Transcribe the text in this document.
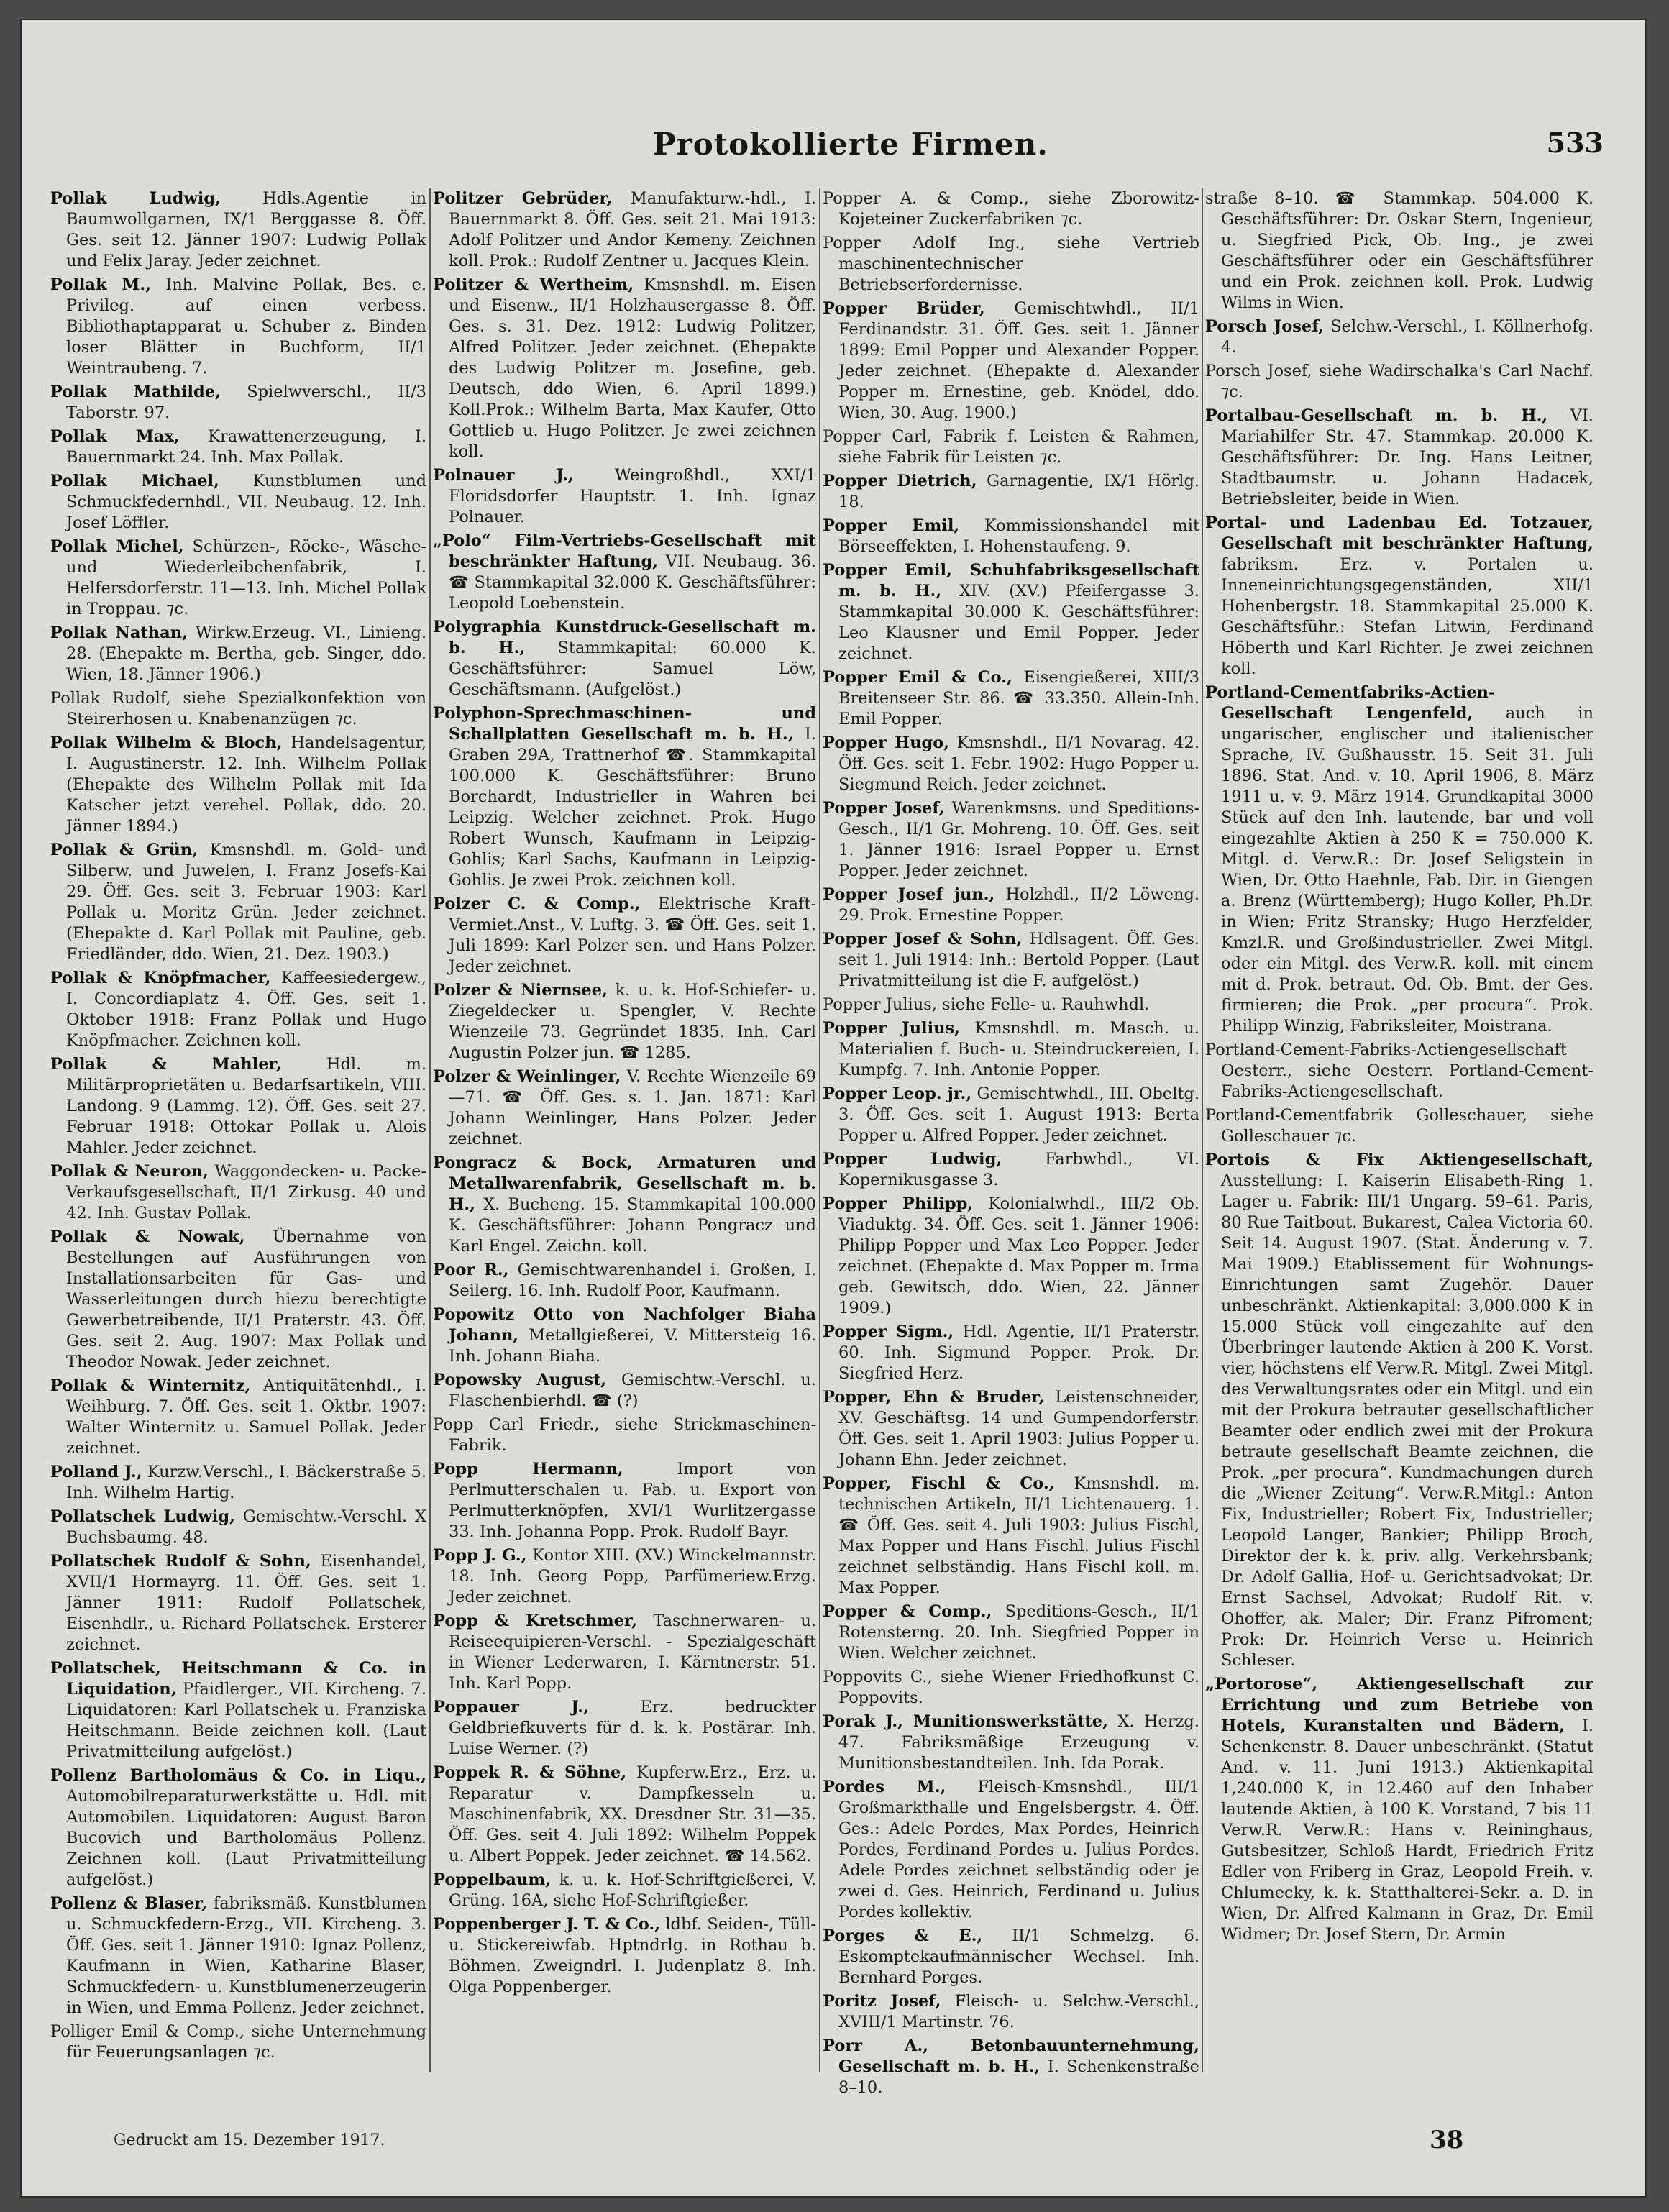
Protokollierte Firmen.	533

Pollak Ludwig, Hdls.Agentie in Baumwollgarnen, IX/1 Berggasse 8. Öff. Ges. seit 12. Jänner 1907: Ludwig Pollak und Felix Jaray. Jeder zeichnet.

Pollak M., Inh. Malvine Pollak, Bes. e. Privileg. auf einen verbess. Bibliothaptapparat u. Schuber z. Binden loser Blätter in Buchform, II/1 Weintraubeng. 7.

Pollak Mathilde, Spielwverschl., II/3 Taborstr. 97.

Pollak Max, Krawattenerzeugung, I. Bauernmarkt 24. Inh. Max Pollak.

Pollak Michael, Kunstblumen und Schmuckfedernhdl., VII. Neubaug. 12. Inh. Josef Löffler.

Pollak Michel, Schürzen-, Röcke-, Wäsche- und Wiederleibchenfabrik, I. Helfersdorferstr. 11—13. Inh. Michel Pollak in Troppau. ⁊c.

Pollak Nathan, Wirkw.Erzeug. VI., Linieng. 28. (Ehepakte m. Bertha, geb. Singer, ddo. Wien, 18. Jänner 1906.)

Pollak Rudolf, siehe Spezialkonfektion von Steirerhosen u. Knabenanzügen ⁊c.

Pollak Wilhelm & Bloch, Handelsagentur, I. Augustinerstr. 12. Inh. Wilhelm Pollak (Ehepakte des Wilhelm Pollak mit Ida Katscher jetzt verehel. Pollak, ddo. 20. Jänner 1894.)

Pollak & Grün, Kmsnshdl. m. Gold- und Silberw. und Juwelen, I. Franz Josefs-Kai 29. Öff. Ges. seit 3. Februar 1903: Karl Pollak u. Moritz Grün. Jeder zeichnet. (Ehepakte d. Karl Pollak mit Pauline, geb. Friedländer, ddo. Wien, 21. Dez. 1903.)

Pollak & Knöpfmacher, Kaffeesiedergew., I. Concordiaplatz 4. Öff. Ges. seit 1. Oktober 1918: Franz Pollak und Hugo Knöpfmacher. Zeichnen koll.

Pollak & Mahler, Hdl. m. Militärproprietäten u. Bedarfsartikeln, VIII. Landong. 9 (Lammg. 12). Öff. Ges. seit 27. Februar 1918: Ottokar Pollak u. Alois Mahler. Jeder zeichnet.

Pollak & Neuron, Waggondecken- u. Packe-Verkaufsgesellschaft, II/1 Zirkusg. 40 und 42. Inh. Gustav Pollak.

Pollak & Nowak, Übernahme von Bestellungen auf Ausführungen von Installationsarbeiten für Gas- und Wasserleitungen durch hiezu berechtigte Gewerbetreibende, II/1 Praterstr. 43. Öff. Ges. seit 2. Aug. 1907: Max Pollak und Theodor Nowak. Jeder zeichnet.

Pollak & Winternitz, Antiquitätenhdl., I. Weihburg. 7. Öff. Ges. seit 1. Oktbr. 1907: Walter Winternitz u. Samuel Pollak. Jeder zeichnet.

Polland J., Kurzw.Verschl., I. Bäckerstraße 5. Inh. Wilhelm Hartig.

Pollatschek Ludwig, Gemischtw.-Verschl. X Buchsbaumg. 48.

Pollatschek Rudolf & Sohn, Eisenhandel, XVII/1 Hormayrg. 11. Öff. Ges. seit 1. Jänner 1911: Rudolf Pollatschek, Eisenhdlr., u. Richard Pollatschek. Ersterer zeichnet.

Pollatschek, Heitschmann & Co. in Liquidation, Pfaidlerger., VII. Kircheng. 7. Liquidatoren: Karl Pollatschek u. Franziska Heitschmann. Beide zeichnen koll. (Laut Privatmitteilung aufgelöst.)

Pollenz Bartholomäus & Co. in Liqu., Automobilreparaturwerkstätte u. Hdl. mit Automobilen. Liquidatoren: August Baron Bucovich und Bartholomäus Pollenz. Zeichnen koll. (Laut Privatmitteilung aufgelöst.)

Pollenz & Blaser, fabriksmäß. Kunstblumen u. Schmuckfedern-Erzg., VII. Kircheng. 3. Öff. Ges. seit 1. Jänner 1910: Ignaz Pollenz, Kaufmann in Wien, Katharine Blaser, Schmuckfedern- u. Kunstblumenerzeugerin in Wien, und Emma Pollenz. Jeder zeichnet.

Polliger Emil & Comp., siehe Unternehmung für Feuerungsanlagen ⁊c.

Politzer Gebrüder, Manufakturw.-hdl., I. Bauernmarkt 8. Öff. Ges. seit 21. Mai 1913: Adolf Politzer und Andor Kemeny. Zeichnen koll. Prok.: Rudolf Zentner u. Jacques Klein.

Politzer & Wertheim, Kmsnshdl. m. Eisen und Eisenw., II/1 Holzhausergasse 8. Öff. Ges. s. 31. Dez. 1912: Ludwig Politzer, Alfred Politzer. Jeder zeichnet. (Ehepakte des Ludwig Politzer m. Josefine, geb. Deutsch, ddo Wien, 6. April 1899.) Koll.Prok.: Wilhelm Barta, Max Kaufer, Otto Gottlieb u. Hugo Politzer. Je zwei zeichnen koll.

Polnauer J., Weingroßhdl., XXI/1 Floridsdorfer Hauptstr. 1. Inh. Ignaz Polnauer.

„Polo“ Film-Vertriebs-Gesellschaft mit beschränkter Haftung, VII. Neubaug. 36. ☎ Stammkapital 32.000 K. Geschäftsführer: Leopold Loebenstein.

Polygraphia Kunstdruck-Gesellschaft m. b. H., Stammkapital: 60.000 K. Geschäftsführer: Samuel Löw, Geschäftsmann. (Aufgelöst.)

Polyphon-Sprechmaschinen- und Schallplatten Gesellschaft m. b. H., I. Graben 29A, Trattnerhof ☎. Stammkapital 100.000 K. Geschäftsführer: Bruno Borchardt, Industrieller in Wahren bei Leipzig. Welcher zeichnet. Prok. Hugo Robert Wunsch, Kaufmann in Leipzig-Gohlis; Karl Sachs, Kaufmann in Leipzig-Gohlis. Je zwei Prok. zeichnen koll.

Polzer C. & Comp., Elektrische Kraft-Vermiet.Anst., V. Luftg. 3. ☎ Öff. Ges. seit 1. Juli 1899: Karl Polzer sen. und Hans Polzer. Jeder zeichnet.

Polzer & Niernsee, k. u. k. Hof-Schiefer- u. Ziegeldecker u. Spengler, V. Rechte Wienzeile 73. Gegründet 1835. Inh. Carl Augustin Polzer jun. ☎ 1285.

Polzer & Weinlinger, V. Rechte Wienzeile 69—71. ☎ Öff. Ges. s. 1. Jan. 1871: Karl Johann Weinlinger, Hans Polzer. Jeder zeichnet.

Pongracz & Bock, Armaturen und Metallwarenfabrik, Gesellschaft m. b. H., X. Bucheng. 15. Stammkapital 100.000 K. Geschäftsführer: Johann Pongracz und Karl Engel. Zeichn. koll.

Poor R., Gemischtwarenhandel i. Großen, I. Seilerg. 16. Inh. Rudolf Poor, Kaufmann.

Popowitz Otto von Nachfolger Biaha Johann, Metallgießerei, V. Mittersteig 16. Inh. Johann Biaha.

Popowsky August, Gemischtw.-Verschl. u. Flaschenbierhdl. ☎ (?)

Popp Carl Friedr., siehe Strickmaschinen-Fabrik.

Popp Hermann, Import von Perlmutterschalen u. Fab. u. Export von Perlmutterknöpfen, XVI/1 Wurlitzergasse 33. Inh. Johanna Popp. Prok. Rudolf Bayr.

Popp J. G., Kontor XIII. (XV.) Winckelmannstr. 18. Inh. Georg Popp, Parfümeriew.Erzg. Jeder zeichnet.

Popp & Kretschmer, Taschnerwaren- u. Reiseequipieren-Verschl. - Spezialgeschäft in Wiener Lederwaren, I. Kärntnerstr. 51. Inh. Karl Popp.

Poppauer J., Erz. bedruckter Geldbriefkuverts für d. k. k. Postärar. Inh. Luise Werner. (?)

Poppek R. & Söhne, Kupferw.Erz., Erz. u. Reparatur v. Dampfkesseln u. Maschinenfabrik, XX. Dresdner Str. 31—35. Öff. Ges. seit 4. Juli 1892: Wilhelm Poppek u. Albert Poppek. Jeder zeichnet. ☎ 14.562.

Poppelbaum, k. u. k. Hof-Schriftgießerei, V. Grüng. 16A, siehe Hof-Schriftgießer.

Poppenberger J. T. & Co., ldbf. Seiden-, Tüll- u. Stickereiwfab. Hptndrlg. in Rothau b. Böhmen. Zweigndrl. I. Judenplatz 8. Inh. Olga Poppenberger.

Popper A. & Comp., siehe Zborowitz-Kojeteiner Zuckerfabriken ⁊c.

Popper Adolf Ing., siehe Vertrieb maschinentechnischer Betriebserfordernisse.

Popper Brüder, Gemischtwhdl., II/1 Ferdinandstr. 31. Öff. Ges. seit 1. Jänner 1899: Emil Popper und Alexander Popper. Jeder zeichnet. (Ehepakte d. Alexander Popper m. Ernestine, geb. Knödel, ddo. Wien, 30. Aug. 1900.)

Popper Carl, Fabrik f. Leisten & Rahmen, siehe Fabrik für Leisten ⁊c.

Popper Dietrich, Garnagentie, IX/1 Hörlg. 18.

Popper Emil, Kommissionshandel mit Börseeffekten, I. Hohenstaufeng. 9.

Popper Emil, Schuhfabriksgesellschaft m. b. H., XIV. (XV.) Pfeifergasse 3. Stammkapital 30.000 K. Geschäftsführer: Leo Klausner und Emil Popper. Jeder zeichnet.

Popper Emil & Co., Eisengießerei, XIII/3 Breitenseer Str. 86. ☎ 33.350. Allein-Inh. Emil Popper.

Popper Hugo, Kmsnshdl., II/1 Novarag. 42. Öff. Ges. seit 1. Febr. 1902: Hugo Popper u. Siegmund Reich. Jeder zeichnet.

Popper Josef, Warenkmsns. und Speditions-Gesch., II/1 Gr. Mohreng. 10. Öff. Ges. seit 1. Jänner 1916: Israel Popper u. Ernst Popper. Jeder zeichnet.

Popper Josef jun., Holzhdl., II/2 Löweng. 29. Prok. Ernestine Popper.

Popper Josef & Sohn, Hdlsagent. Öff. Ges. seit 1. Juli 1914: Inh.: Bertold Popper. (Laut Privatmitteilung ist die F. aufgelöst.)

Popper Julius, siehe Felle- u. Rauhwhdl.

Popper Julius, Kmsnshdl. m. Masch. u. Materialien f. Buch- u. Steindruckereien, I. Kumpfg. 7. Inh. Antonie Popper.

Popper Leop. jr., Gemischtwhdl., III. Obeltg. 3. Öff. Ges. seit 1. August 1913: Berta Popper u. Alfred Popper. Jeder zeichnet.

Popper Ludwig, Farbwhdl., VI. Kopernikusgasse 3.

Popper Philipp, Kolonialwhdl., III/2 Ob. Viaduktg. 34. Öff. Ges. seit 1. Jänner 1906: Philipp Popper und Max Leo Popper. Jeder zeichnet. (Ehepakte d. Max Popper m. Irma geb. Gewitsch, ddo. Wien, 22. Jänner 1909.)

Popper Sigm., Hdl. Agentie, II/1 Praterstr. 60. Inh. Sigmund Popper. Prok. Dr. Siegfried Herz.

Popper, Ehn & Bruder, Leistenschneider, XV. Geschäftsg. 14 und Gumpendorferstr. Öff. Ges. seit 1. April 1903: Julius Popper u. Johann Ehn. Jeder zeichnet.

Popper, Fischl & Co., Kmsnshdl. m. technischen Artikeln, II/1 Lichtenauerg. 1. ☎ Öff. Ges. seit 4. Juli 1903: Julius Fischl, Max Popper und Hans Fischl. Julius Fischl zeichnet selbständig. Hans Fischl koll. m. Max Popper.

Popper & Comp., Speditions-Gesch., II/1 Rotensterng. 20. Inh. Siegfried Popper in Wien. Welcher zeichnet.

Poppovits C., siehe Wiener Friedhofkunst C. Poppovits.

Porak J., Munitionswerkstätte, X. Herzg. 47. Fabriksmäßige Erzeugung v. Munitionsbestandteilen. Inh. Ida Porak.

Pordes M., Fleisch-Kmsnshdl., III/1 Großmarkthalle und Engelsbergstr. 4. Öff. Ges.: Adele Pordes, Max Pordes, Heinrich Pordes, Ferdinand Pordes u. Julius Pordes. Adele Pordes zeichnet selbständig oder je zwei d. Ges. Heinrich, Ferdinand u. Julius Pordes kollektiv.

Porges & E., II/1 Schmelzg. 6. Eskomptekaufmännischer Wechsel. Inh. Bernhard Porges.

Poritz Josef, Fleisch- u. Selchw.-Verschl., XVIII/1 Martinstr. 76.

Porr A., Betonbauunternehmung, Gesellschaft m. b. H., I. Schenkenstraße 8–10.

straße 8–10. ☎ Stammkap. 504.000 K. Geschäftsführer: Dr. Oskar Stern, Ingenieur, u. Siegfried Pick, Ob. Ing., je zwei Geschäftsführer oder ein Geschäftsführer und ein Prok. zeichnen koll. Prok. Ludwig Wilms in Wien.

Porsch Josef, Selchw.-Verschl., I. Köllnerhofg. 4.

Porsch Josef, siehe Wadirschalka's Carl Nachf. ⁊c.

Portalbau-Gesellschaft m. b. H., VI. Mariahilfer Str. 47. Stammkap. 20.000 K. Geschäftsführer: Dr. Ing. Hans Leitner, Stadtbaumstr. u. Johann Hadacek, Betriebsleiter, beide in Wien.

Portal- und Ladenbau Ed. Totzauer, Gesellschaft mit beschränkter Haftung, fabriksm. Erz. v. Portalen u. Inneneinrichtungsgegenständen, XII/1 Hohenbergstr. 18. Stammkapital 25.000 K. Geschäftsführ.: Stefan Litwin, Ferdinand Höberth und Karl Richter. Je zwei zeichnen koll.

Portland-Cementfabriks-Actien-Gesellschaft Lengenfeld, auch in ungarischer, englischer und italienischer Sprache, IV. Gußhausstr. 15. Seit 31. Juli 1896. Stat. And. v. 10. April 1906, 8. März 1911 u. v. 9. März 1914. Grundkapital 3000 Stück auf den Inh. lautende, bar und voll eingezahlte Aktien à 250 K = 750.000 K. Mitgl. d. Verw.R.: Dr. Josef Seligstein in Wien, Dr. Otto Haehnle, Fab. Dir. in Giengen a. Brenz (Württemberg); Hugo Koller, Ph.Dr. in Wien; Fritz Stransky; Hugo Herzfelder, Kmzl.R. und Großindustrieller. Zwei Mitgl. oder ein Mitgl. des Verw.R. koll. mit einem mit d. Prok. betraut. Od. Ob. Bmt. der Ges. firmieren; die Prok. „per procura“. Prok. Philipp Winzig, Fabriksleiter, Moistrana.

Portland-Cement-Fabriks-Actiengesellschaft Oesterr., siehe Oesterr. Portland-Cement-Fabriks-Actiengesellschaft.

Portland-Cementfabrik Golleschauer, siehe Golleschauer ⁊c.

Portois & Fix Aktiengesellschaft, Ausstellung: I. Kaiserin Elisabeth-Ring 1. Lager u. Fabrik: III/1 Ungarg. 59–61. Paris, 80 Rue Taitbout. Bukarest, Calea Victoria 60. Seit 14. August 1907. (Stat. Änderung v. 7. Mai 1909.) Etablissement für Wohnungs-Einrichtungen samt Zugehör. Dauer unbeschränkt. Aktienkapital: 3,000.000 K in 15.000 Stück voll eingezahlte auf den Überbringer lautende Aktien à 200 K. Vorst. vier, höchstens elf Verw.R. Mitgl. Zwei Mitgl. des Verwaltungsrates oder ein Mitgl. und ein mit der Prokura betrauter gesellschaftlicher Beamter oder endlich zwei mit der Prokura betraute gesellschaft Beamte zeichnen, die Prok. „per procura“. Kundmachungen durch die „Wiener Zeitung“. Verw.R.Mitgl.: Anton Fix, Industrieller; Robert Fix, Industrieller; Leopold Langer, Bankier; Philipp Broch, Direktor der k. k. priv. allg. Verkehrsbank; Dr. Adolf Gallia, Hof- u. Gerichtsadvokat; Dr. Ernst Sachsel, Advokat; Rudolf Rit. v. Ohoffer, ak. Maler; Dir. Franz Pifroment; Prok: Dr. Heinrich Verse u. Heinrich Schleser.

„Portorose“, Aktiengesellschaft zur Errichtung und zum Betriebe von Hotels, Kuranstalten und Bädern, I. Schenkenstr. 8. Dauer unbeschränkt. (Statut And. v. 11. Juni 1913.) Aktienkapital 1,240.000 K, in 12.460 auf den Inhaber lautende Aktien, à 100 K. Vorstand, 7 bis 11 Verw.R. Verw.R.: Hans v. Reininghaus, Gutsbesitzer, Schloß Hardt, Friedrich Fritz Edler von Friberg in Graz, Leopold Freih. v. Chlumecky, k. k. Statthalterei-Sekr. a. D. in Wien, Dr. Alfred Kalmann in Graz, Dr. Emil Widmer; Dr. Josef Stern, Dr. Armin

Gedruckt am 15. Dezember 1917.	38
